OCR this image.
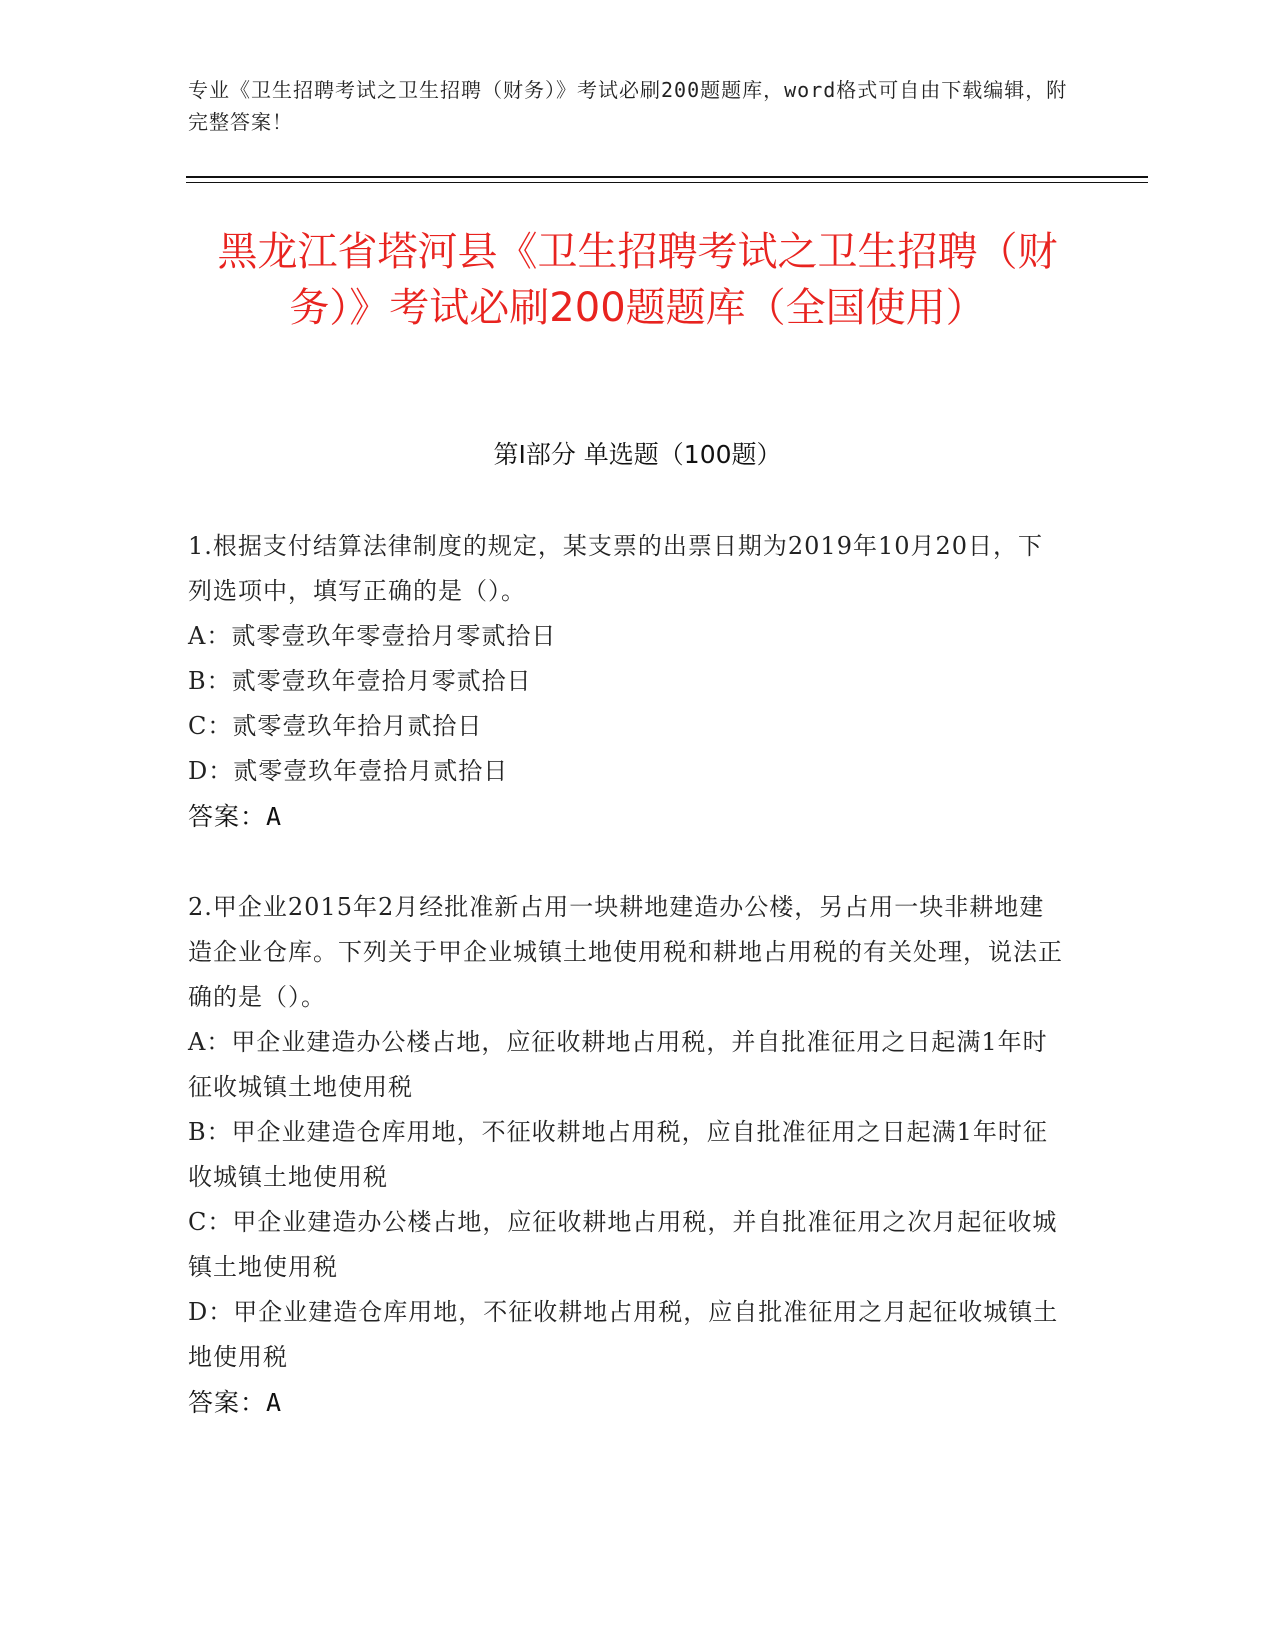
专业《卫生招聘考试之卫生招聘（财务）》考试必刷200题题库，word格式可自由下载编辑，附完整答案！
黑龙江省塔河县《卫生招聘考试之卫生招聘（财务）》考试必刷200题题库（全国使用）
第I部分 单选题（100题）

1.根据支付结算法律制度的规定，某支票的出票日期为2019年10月20日，下列选项中，填写正确的是（）。

A：贰零壹玖年零壹拾月零贰拾日

B：贰零壹玖年壹拾月零贰拾日

C：贰零壹玖年拾月贰拾日

D：贰零壹玖年壹拾月贰拾日

答案：A

2.甲企业2015年2月经批准新占用一块耕地建造办公楼，另占用一块非耕地建造企业仓库。下列关于甲企业城镇土地使用税和耕地占用税的有关处理，说法正确的是（）。

A：甲企业建造办公楼占地，应征收耕地占用税，并自批准征用之日起满1年时征收城镇土地使用税

B：甲企业建造仓库用地，不征收耕地占用税，应自批准征用之日起满1年时征收城镇土地使用税

C：甲企业建造办公楼占地，应征收耕地占用税，并自批准征用之次月起征收城镇土地使用税

D：甲企业建造仓库用地，不征收耕地占用税，应自批准征用之月起征收城镇土地使用税

答案：A
